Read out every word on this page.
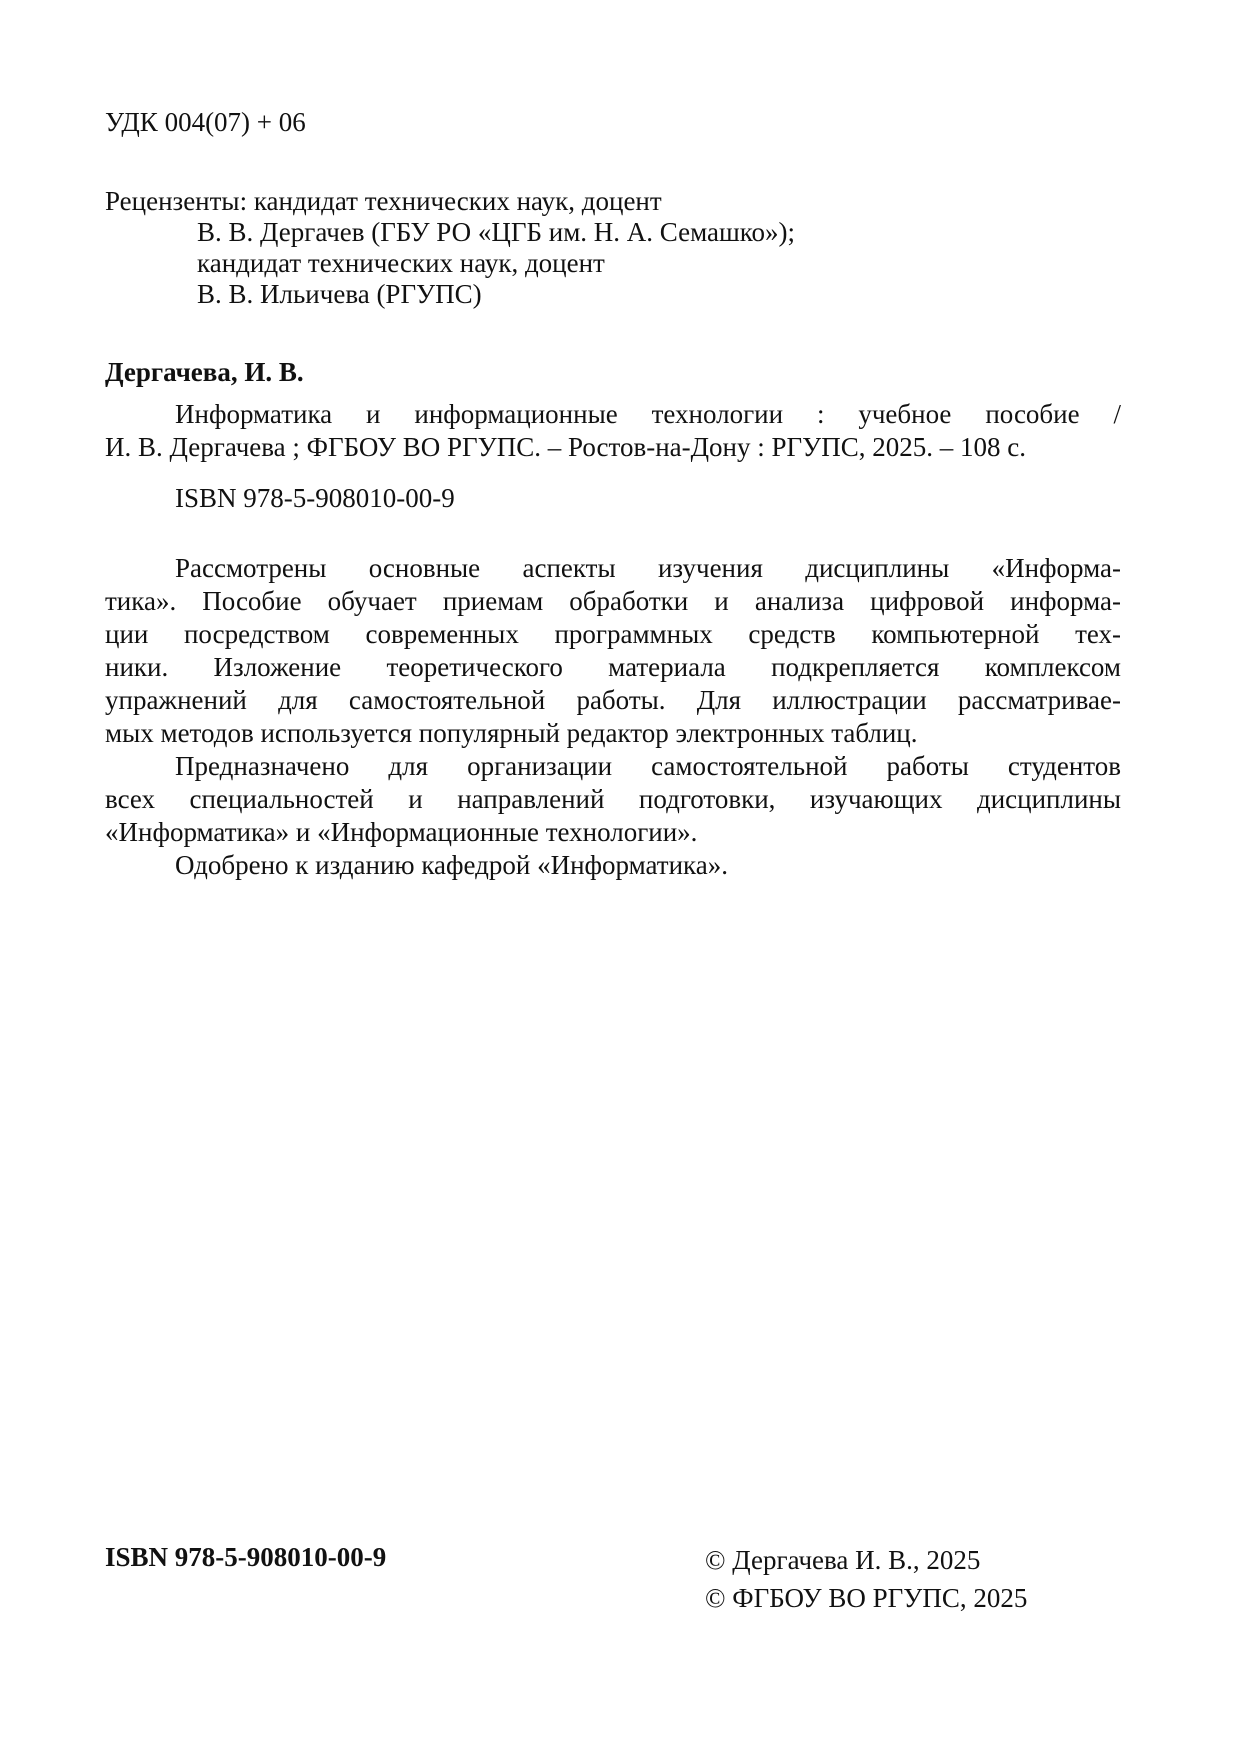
УДК 004(07) + 06
Рецензенты: кандидат технических наук, доцент
В. В. Дергачев (ГБУ РО «ЦГБ им. Н. А. Семашко»);
кандидат технических наук, доцент
В. В. Ильичева (РГУПС)
Дергачева, И. В.
Информатика и информационные технологии : учебное пособие /
И. В. Дергачева ; ФГБОУ ВО РГУПС. – Ростов-на-Дону : РГУПС, 2025. – 108 с.
ISBN 978-5-908010-00-9
Рассмотрены основные аспекты изучения дисциплины «Информа-
тика». Пособие обучает приемам обработки и анализа цифровой информа-
ции посредством современных программных средств компьютерной тех-
ники. Изложение теоретического материала подкрепляется комплексом
упражнений для самостоятельной работы. Для иллюстрации рассматривае-
мых методов используется популярный редактор электронных таблиц.
Предназначено для организации самостоятельной работы студентов
всех специальностей и направлений подготовки, изучающих дисциплины
«Информатика» и «Информационные технологии».
Одобрено к изданию кафедрой «Информатика».
ISBN 978-5-908010-00-9	© Дергачева И. В., 2025
© ФГБОУ ВО РГУПС, 2025
